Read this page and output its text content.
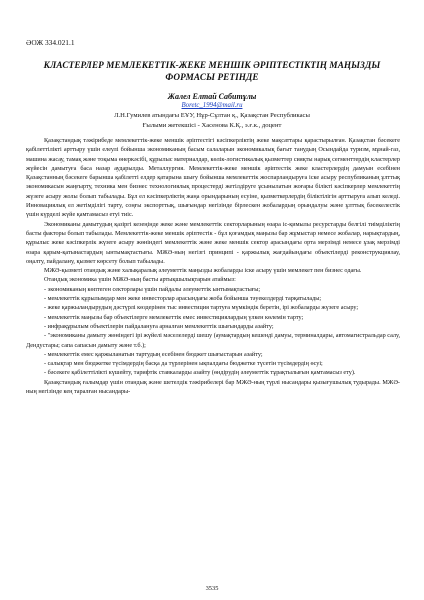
ӘОЖ 334.021.1
КЛАСТЕРЛЕР МЕМЛЕКЕТТІК-ЖЕКЕ МЕНШІК ӘРІПТЕСТІКТІҢ МАҢЫЗДЫ ФОРМАСЫ РЕТІНДЕ
Жалел Елтай Сабитұлы
Boretc_1994@mail.ru
Л.Н.Гумилев атындағы ЕҰУ, Нұр-Сұлтан қ., Қазақстан Республикасы
Ғылыми жетекшісі - Хасенова К.Қ., э.ғ.к., доцент

Қазақстандық тәжірибеде мемлекеттік-жеке меншік әріптестігі кәсіпкерліктің жеке мақсаттары қарастырылған. Қазақстан бәсекеге қабілеттілікті арттыру үшін елеулі бойынша экономиканың басым салаларын экономикалық бағыт танудың Осындайда туризм, мұнай-газ, машина жасау, тамақ және тоқыма өнеркәсібі, құрылыс материалдар, көлік-логистикалық қызметтер сияқты нарық сегменттердің кластерлер жүйесін дамытуға баса назар аударылды. Металлургия. Мемлекеттік-жеке меншік әріптестік жеке кластерлердің дамуын есебінен Қазақстанның бәсекеге барынша қабілетті елдер қатарына шығу бойынша мемлекеттік жоспарландыруға іске асыру республиканың ұлттық экономикасын жаңғырту, техника мен бизнес технологиялық процестерді жетілдіруге ұсынылатын жоғары білікті кәсіпкерлер мемлекеттің жүзеге асыру жолы болып табылады. Бұл ел кәсіпкерліктің жаңа орындарының есуіне, қызметкерлердің біліктілігін арттыруға алып келеді. Инновациялық ел жетімділігі тарту, соңғы экспорттық, шығындар негізінде бірлескен жобалардың орындалуы және ұлттық бәсекелестік үшін күрделі жүйе қамтамасыз етуі тиіс.

Экономиканы дамытудың қазіргі кезеңінде жеке және мемлекеттік секторларының өзара іс-қимылы ресурстарды белгілі тиімділіктің басты факторы болып табылады. Мемлекеттік-жеке меншік әріптестік - бұл қоғамдық маңызы бар жұмыстар немесе жобалар, нарықтардың, құрылыс жеке кәсіпкерлік жүзеге асыру жөніндегі мемлекеттік және жеке меншік сектор арасындағы орта мерзімді немесе ұзақ мерзімді өзара қарым-қатынастардың ынтымақтастығы. МЖӘ-ның негізгі принципі - қаржылық жағдайындағы объектілерді реконструкциялау, оңалту, пайдалану, қызмет көрсету болып табылады.

МЖӘ-қызметі отандық және халықаралық әлеуметтік маңызды жобаларды іске асыру үшін мемлекет пен бизнес одағы.

Отандық экономика үшін МЖӘ-ның басты артықшылықтарын атаймыз:

- экономиканың көптеген секторлары үшін пайдалы әлеуметтік ынтымақтастығы;

- мемлекеттік құрылымдар мен жеке инвесторлар арасындағы жоба бойынша тәуекелдерді тарқатылады;

- жеке қаржыландырудың дәстүрлі көздерінен тыс инвестиция тартуға мүмкіндік беретін, ірі жобаларды жүзеге асыру;

- мемлекеттік маңызы бар объектілерге мемлекеттік емес инвестициялардың үлкен көлемін тарту;

- инфрақұрылым объектілерін пайдалануға арналған мемлекеттік шығындарды азайту;

- "экономиканы дамыту жөніндегі ірі жүйелі мәселелерді шешу (аумақтардың кешенді дамуы, терминалдары, автомагистральдар салу, Дендустары; сапа сапасын дамыту және т.б.);

- мемлекеттік емес қаржыланатын тартудың есебінен бюджет шығыстарын азайту;

- салықтар мен бюджетке түсімдердің басқа да түрлерінен ықпалдағы бюджетке түсетін түсімдердің өсуі;

- бәсекеге қабілеттілікті күшейту, тарифтік ставкаларды азайту (өндірудің әлеуметтік тұрақтылығын қамтамасыз ету).

Қазақстандық ғалымдар үшін отандық және шетелдік тәжірибелері бар МЖӘ-ның түрлі нысандары қызығушылық тудырады. МЖӘ-ның негізінде кең таралған нысандары-

3535
